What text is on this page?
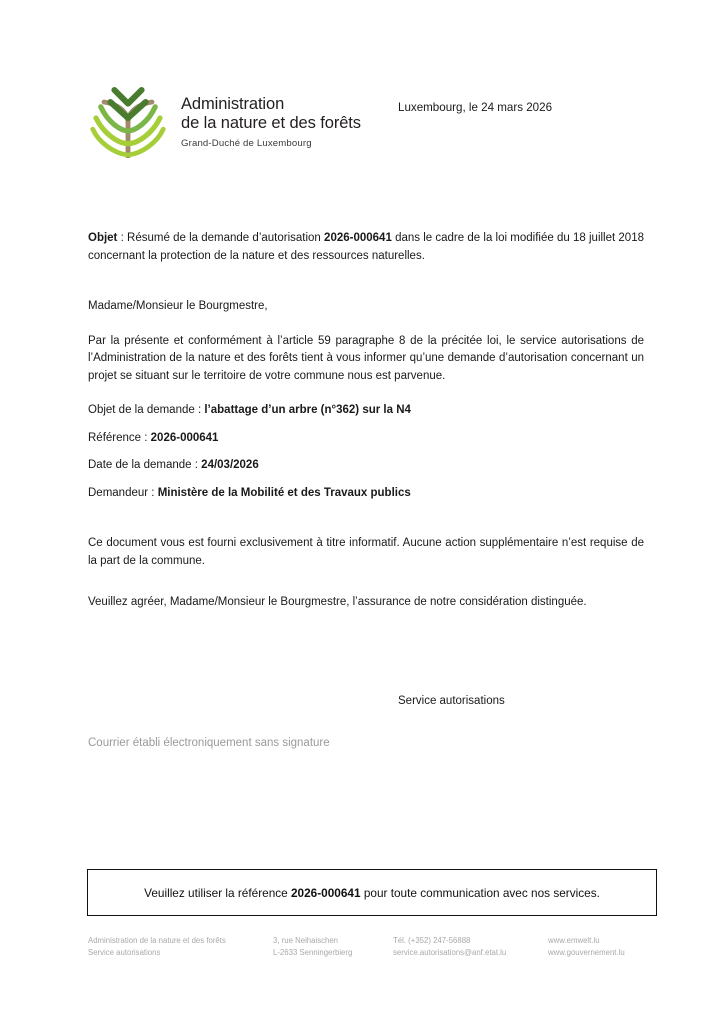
Administration
de la nature et des forêts
Grand-Duché de Luxembourg
Luxembourg, le 24 mars 2026

Objet : Résumé de la demande d’autorisation 2026-000641 dans le cadre de la loi modifiée du 18 juillet 2018 concernant la protection de la nature et des ressources naturelles.

Madame/Monsieur le Bourgmestre,

Par la présente et conformément à l’article 59 paragraphe 8 de la précitée loi, le service autorisations de l’Administration de la nature et des forêts tient à vous informer qu’une demande d’autorisation concernant un projet se situant sur le territoire de votre commune nous est parvenue.

Objet de la demande : l’abattage d’un arbre (n°362) sur la N4

Référence : 2026-000641

Date de la demande : 24/03/2026

Demandeur : Ministère de la Mobilité et des Travaux publics

Ce document vous est fourni exclusivement à titre informatif. Aucune action supplémentaire n’est requise de la part de la commune.

Veuillez agréer, Madame/Monsieur le Bourgmestre, l’assurance de notre considération distinguée.

Service autorisations
Courrier établi électroniquement sans signature
Veuillez utiliser la référence 2026-000641 pour toute communication avec nos services.
Administration de la nature et des forêts
Service autorisations
3, rue Neihaischen
L-2633 Senningerbierg
Tél. (+352) 247-56888
service.autorisations@anf.etat.lu
www.emwelt.lu
www.gouvernement.lu
